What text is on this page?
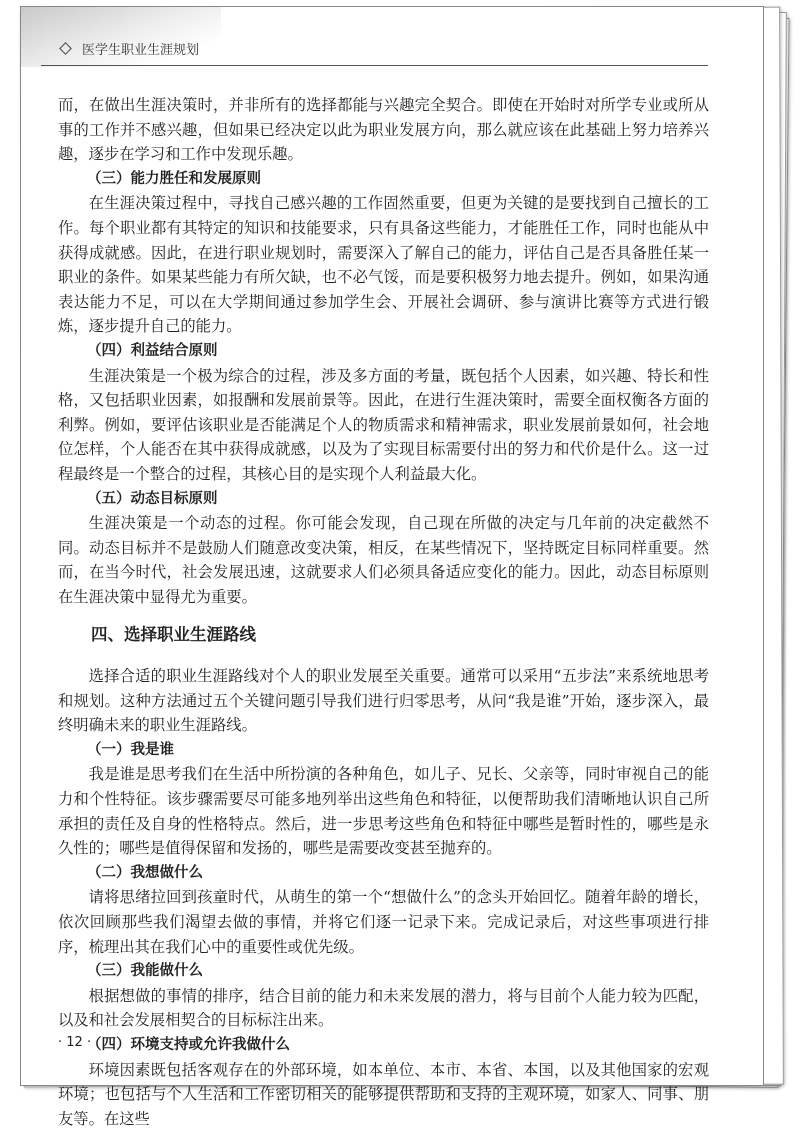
医学生职业生涯规划

而，在做出生涯决策时，并非所有的选择都能与兴趣完全契合。即使在开始时对所学专业或所从事的工作并不感兴趣，但如果已经决定以此为职业发展方向，那么就应该在此基础上努力培养兴趣，逐步在学习和工作中发现乐趣。

（三）能力胜任和发展原则

在生涯决策过程中，寻找自己感兴趣的工作固然重要，但更为关键的是要找到自己擅长的工作。每个职业都有其特定的知识和技能要求，只有具备这些能力，才能胜任工作，同时也能从中获得成就感。因此，在进行职业规划时，需要深入了解自己的能力，评估自己是否具备胜任某一职业的条件。如果某些能力有所欠缺，也不必气馁，而是要积极努力地去提升。例如，如果沟通表达能力不足，可以在大学期间通过参加学生会、开展社会调研、参与演讲比赛等方式进行锻炼，逐步提升自己的能力。

（四）利益结合原则

生涯决策是一个极为综合的过程，涉及多方面的考量，既包括个人因素，如兴趣、特长和性格，又包括职业因素，如报酬和发展前景等。因此，在进行生涯决策时，需要全面权衡各方面的利弊。例如，要评估该职业是否能满足个人的物质需求和精神需求，职业发展前景如何，社会地位怎样，个人能否在其中获得成就感，以及为了实现目标需要付出的努力和代价是什么。这一过程最终是一个整合的过程，其核心目的是实现个人利益最大化。

（五）动态目标原则

生涯决策是一个动态的过程。你可能会发现，自己现在所做的决定与几年前的决定截然不同。动态目标并不是鼓励人们随意改变决策，相反，在某些情况下，坚持既定目标同样重要。然而，在当今时代，社会发展迅速，这就要求人们必须具备适应变化的能力。因此，动态目标原则在生涯决策中显得尤为重要。

四、选择职业生涯路线

选择合适的职业生涯路线对个人的职业发展至关重要。通常可以采用“五步法”来系统地思考和规划。这种方法通过五个关键问题引导我们进行归零思考，从问“我是谁”开始，逐步深入，最终明确未来的职业生涯路线。

（一）我是谁

我是谁是思考我们在生活中所扮演的各种角色，如儿子、兄长、父亲等，同时审视自己的能力和个性特征。该步骤需要尽可能多地列举出这些角色和特征，以便帮助我们清晰地认识自己所承担的责任及自身的性格特点。然后，进一步思考这些角色和特征中哪些是暂时性的，哪些是永久性的；哪些是值得保留和发扬的，哪些是需要改变甚至抛弃的。

（二）我想做什么

请将思绪拉回到孩童时代，从萌生的第一个“想做什么”的念头开始回忆。随着年龄的增长，依次回顾那些我们渴望去做的事情，并将它们逐一记录下来。完成记录后，对这些事项进行排序，梳理出其在我们心中的重要性或优先级。

（三）我能做什么

根据想做的事情的排序，结合目前的能力和未来发展的潜力，将与目前个人能力较为匹配，以及和社会发展相契合的目标标注出来。

（四）环境支持或允许我做什么

环境因素既包括客观存在的外部环境，如本单位、本市、本省、本国，以及其他国家的宏观环境；也包括与个人生活和工作密切相关的能够提供帮助和支持的主观环境，如家人、同事、朋友等。在这些

· 12 ·
